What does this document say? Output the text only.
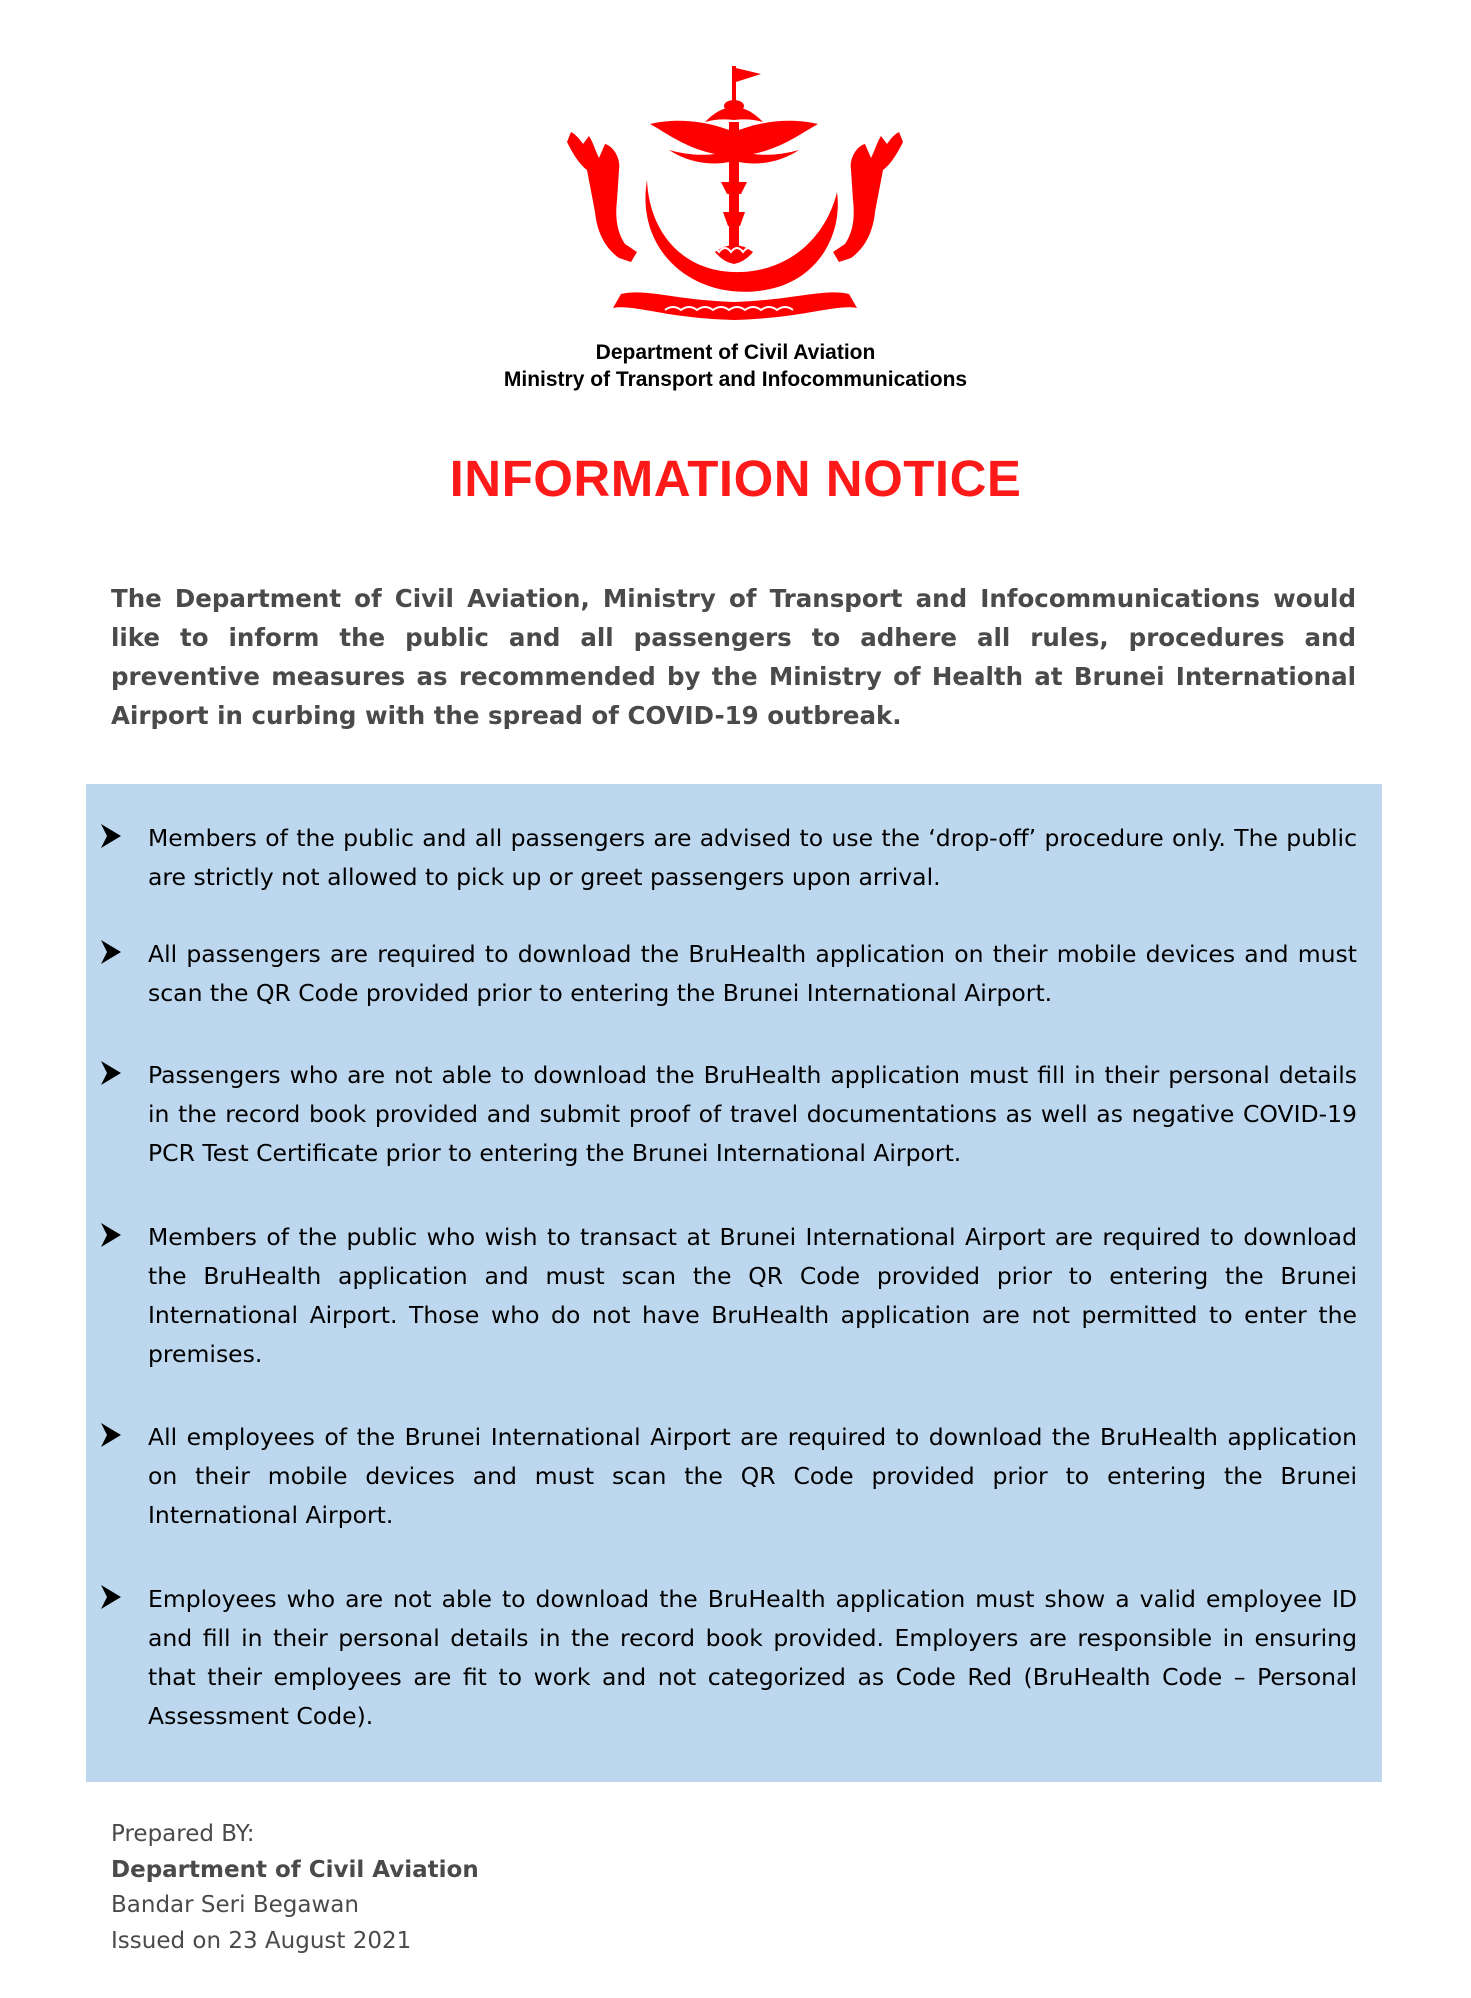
Department of Civil Aviation
Ministry of Transport and Infocommunications
INFORMATION NOTICE
The Department of Civil Aviation, Ministry of Transport and Infocommunications would like to inform the public and all passengers to adhere all rules, procedures and preventive measures as recommended by the Ministry of Health at Brunei International Airport in curbing with the spread of COVID-19 outbreak.
Members of the public and all passengers are advised to use the ‘drop-off’ procedure only. The public are strictly not allowed to pick up or greet passengers upon arrival.
All passengers are required to download the BruHealth application on their mobile devices and must scan the QR Code provided prior to entering the Brunei International Airport.
Passengers who are not able to download the BruHealth application must fill in their personal details in the record book provided and submit proof of travel documentations as well as negative COVID-19 PCR Test Certificate prior to entering the Brunei International Airport.
Members of the public who wish to transact at Brunei International Airport are required to download the BruHealth application and must scan the QR Code provided prior to entering the Brunei International Airport. Those who do not have BruHealth application are not permitted to enter the premises.
All employees of the Brunei International Airport are required to download the BruHealth application on their mobile devices and must scan the QR Code provided prior to entering the Brunei International Airport.
Employees who are not able to download the BruHealth application must show a valid employee ID and fill in their personal details in the record book provided. Employers are responsible in ensuring that their employees are fit to work and not categorized as Code Red (BruHealth Code – Personal Assessment Code).
Prepared BY:
Department of Civil Aviation
Bandar Seri Begawan
Issued on 23 August 2021
